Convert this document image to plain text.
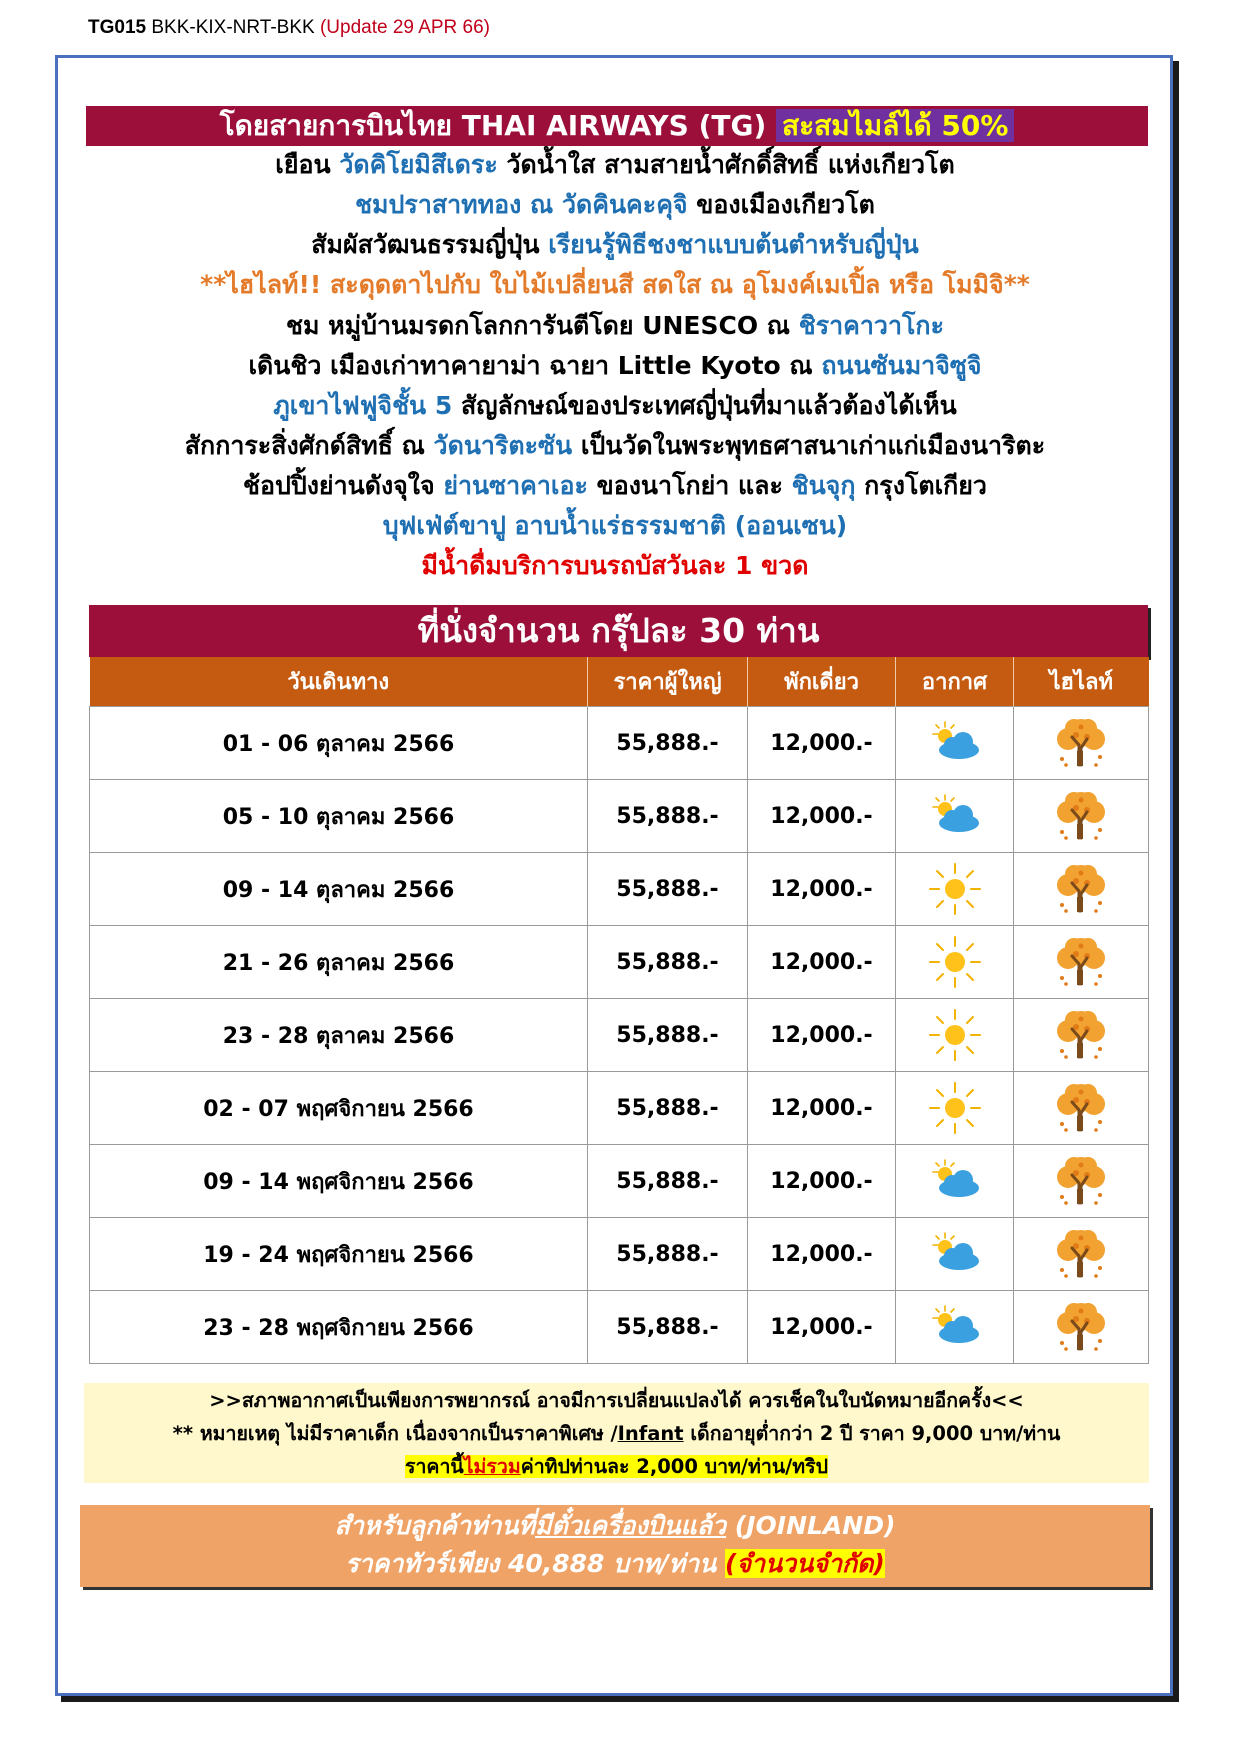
TG015 BKK-KIX-NRT-BKK (Update 29 APR 66)
โดยสายการบินไทย THAI AIRWAYS (TG) สะสมไมล์ได้ 50%
เยือน วัดคิโยมิสึเดระ วัดน้ำใส สามสายน้ำศักดิ์สิทธิ์ แห่งเกียวโต
ชมปราสาททอง ณ วัดคินคะคุจิ ของเมืองเกียวโต
สัมผัสวัฒนธรรมญี่ปุ่น เรียนรู้พิธีชงชาแบบต้นตำหรับญี่ปุ่น
**ไฮไลท์!! สะดุดตาไปกับ ใบไม้เปลี่ยนสี สดใส ณ อุโมงค์เมเปิ้ล หรือ โมมิจิ**
ชม หมู่บ้านมรดกโลกการันตีโดย UNESCO ณ ชิราคาวาโกะ
เดินชิว เมืองเก่าทาคายาม่า ฉายา Little Kyoto ณ ถนนซันมาจิซูจิ
ภูเขาไฟฟูจิชั้น 5 สัญลักษณ์ของประเทศญี่ปุ่นที่มาแล้วต้องได้เห็น
สักการะสิ่งศักด์สิทธิ์ ณ วัดนาริตะซัน เป็นวัดในพระพุทธศาสนาเก่าแก่เมืองนาริตะ
ช้อปปิ้งย่านดังจุใจ ย่านซาคาเอะ ของนาโกย่า และ ชินจุกุ กรุงโตเกียว
บุฟเฟ่ต์ขาปู อาบน้ำแร่ธรรมชาติ (ออนเซน)
มีน้ำดื่มบริการบนรถบัสวันละ 1 ขวด
ที่นั่งจำนวน กรุ๊ปละ 30 ท่าน
วันเดินทาง	ราคาผู้ใหญ่	พักเดี่ยว	อากาศ	ไฮไลท์
01 - 06 ตุลาคม 2566	55,888.-	12,000.-	

05 - 10 ตุลาคม 2566	55,888.-	12,000.-	

09 - 14 ตุลาคม 2566	55,888.-	12,000.-	

21 - 26 ตุลาคม 2566	55,888.-	12,000.-	

23 - 28 ตุลาคม 2566	55,888.-	12,000.-	

02 - 07 พฤศจิกายน 2566	55,888.-	12,000.-	

09 - 14 พฤศจิกายน 2566	55,888.-	12,000.-	

19 - 24 พฤศจิกายน 2566	55,888.-	12,000.-	

23 - 28 พฤศจิกายน 2566	55,888.-	12,000.-	

>>สภาพอากาศเป็นเพียงการพยากรณ์ อาจมีการเปลี่ยนแปลงได้ ควรเช็คในใบนัดหมายอีกครั้ง<<
** หมายเหตุ ไม่มีราคาเด็ก เนื่องจากเป็นราคาพิเศษ /Infant เด็กอายุต่ำกว่า 2 ปี ราคา 9,000 บาท/ท่าน
ราคานี้ไม่รวมค่าทิปท่านละ 2,000 บาท/ท่าน/ทริป
สำหรับลูกค้าท่านที่มีตั๋วเครื่องบินแล้ว (JOINLAND)
ราคาทัวร์เพียง 40,888 บาท/ท่าน (จำนวนจำกัด)
